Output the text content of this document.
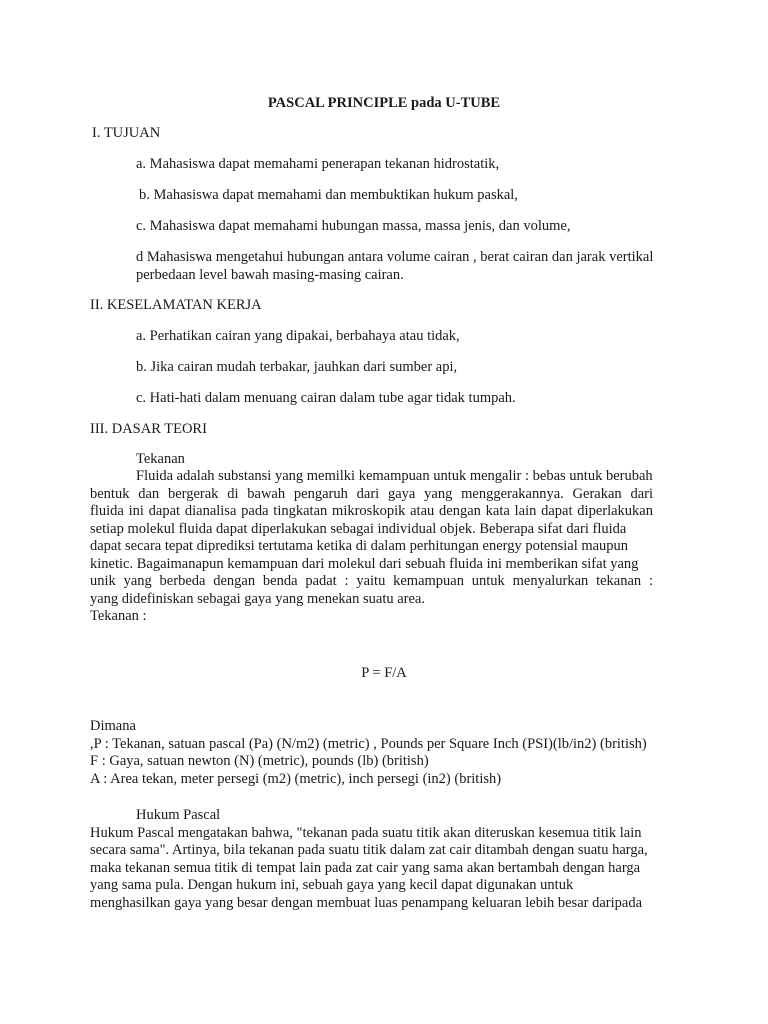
PASCAL PRINCIPLE pada U-TUBE
I. TUJUAN
a. Mahasiswa dapat memahami penerapan tekanan hidrostatik,
b. Mahasiswa dapat memahami dan membuktikan hukum paskal,
c. Mahasiswa dapat memahami hubungan massa, massa jenis, dan volume,
d Mahasiswa mengetahui hubungan antara volume cairan , berat cairan dan jarak vertikal
perbedaan level bawah masing-masing cairan.
II. KESELAMATAN KERJA
a. Perhatikan cairan yang dipakai, berbahaya atau tidak,
b. Jika cairan mudah terbakar, jauhkan dari sumber api,
c. Hati-hati dalam menuang cairan dalam tube agar tidak tumpah.
III. DASAR TEORI
Tekanan
Fluida adalah substansi yang memilki kemampuan untuk mengalir : bebas untuk berubah
bentuk dan bergerak di bawah pengaruh dari gaya yang menggerakannya. Gerakan dari
fluida ini dapat dianalisa pada tingkatan mikroskopik atau dengan kata lain dapat diperlakukan
setiap molekul fluida dapat diperlakukan sebagai individual objek. Beberapa sifat dari fluida
dapat secara tepat diprediksi tertutama ketika di dalam perhitungan energy potensial maupun
kinetic. Bagaimanapun kemampuan dari molekul dari sebuah fluida ini memberikan sifat yang
unik yang berbeda dengan benda padat : yaitu kemampuan untuk menyalurkan tekanan :
yang didefiniskan sebagai gaya yang menekan suatu area.
Tekanan :
P = F/A
Dimana
,P : Tekanan, satuan pascal (Pa) (N/m2) (metric) , Pounds per Square Inch (PSI)(lb/in2) (british)
F : Gaya, satuan newton (N) (metric), pounds (lb) (british)
A : Area tekan, meter persegi (m2) (metric), inch persegi (in2) (british)
Hukum Pascal
Hukum Pascal mengatakan bahwa, "tekanan pada suatu titik akan diteruskan kesemua titik lain
secara sama". Artinya, bila tekanan pada suatu titik dalam zat cair ditambah dengan suatu harga,
maka tekanan semua titik di tempat lain pada zat cair yang sama akan bertambah dengan harga
yang sama pula. Dengan hukum ini, sebuah gaya yang kecil dapat digunakan untuk
menghasilkan gaya yang besar dengan membuat luas penampang keluaran lebih besar daripada
